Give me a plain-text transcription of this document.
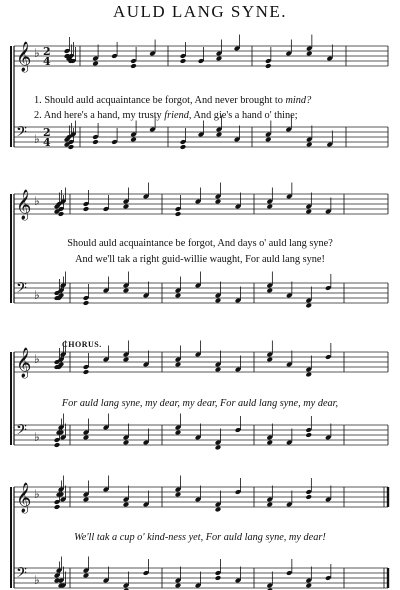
AULD LANG SYNE.
𝄞 ♭ 2
4
𝄢 ♭ 2
4
𝄞 ♭
𝄢 ♭
𝄞 ♭
𝄢 ♭
𝄞 ♭
𝄢 ♭
1. Should auld acquaintance be forgot, And never brought to mind?
2. And here's a hand, my trusty friend, And gie's a hand o' thine;
Should auld acquaintance be forgot, And days o' auld lang syne?
And we'll tak a right guid-willie waught, For auld lang syne!
CHORUS.
For auld lang syne, my dear, my dear, For auld lang syne, my dear,
We'll tak a cup o' kind-ness yet, For auld lang syne, my dear!
